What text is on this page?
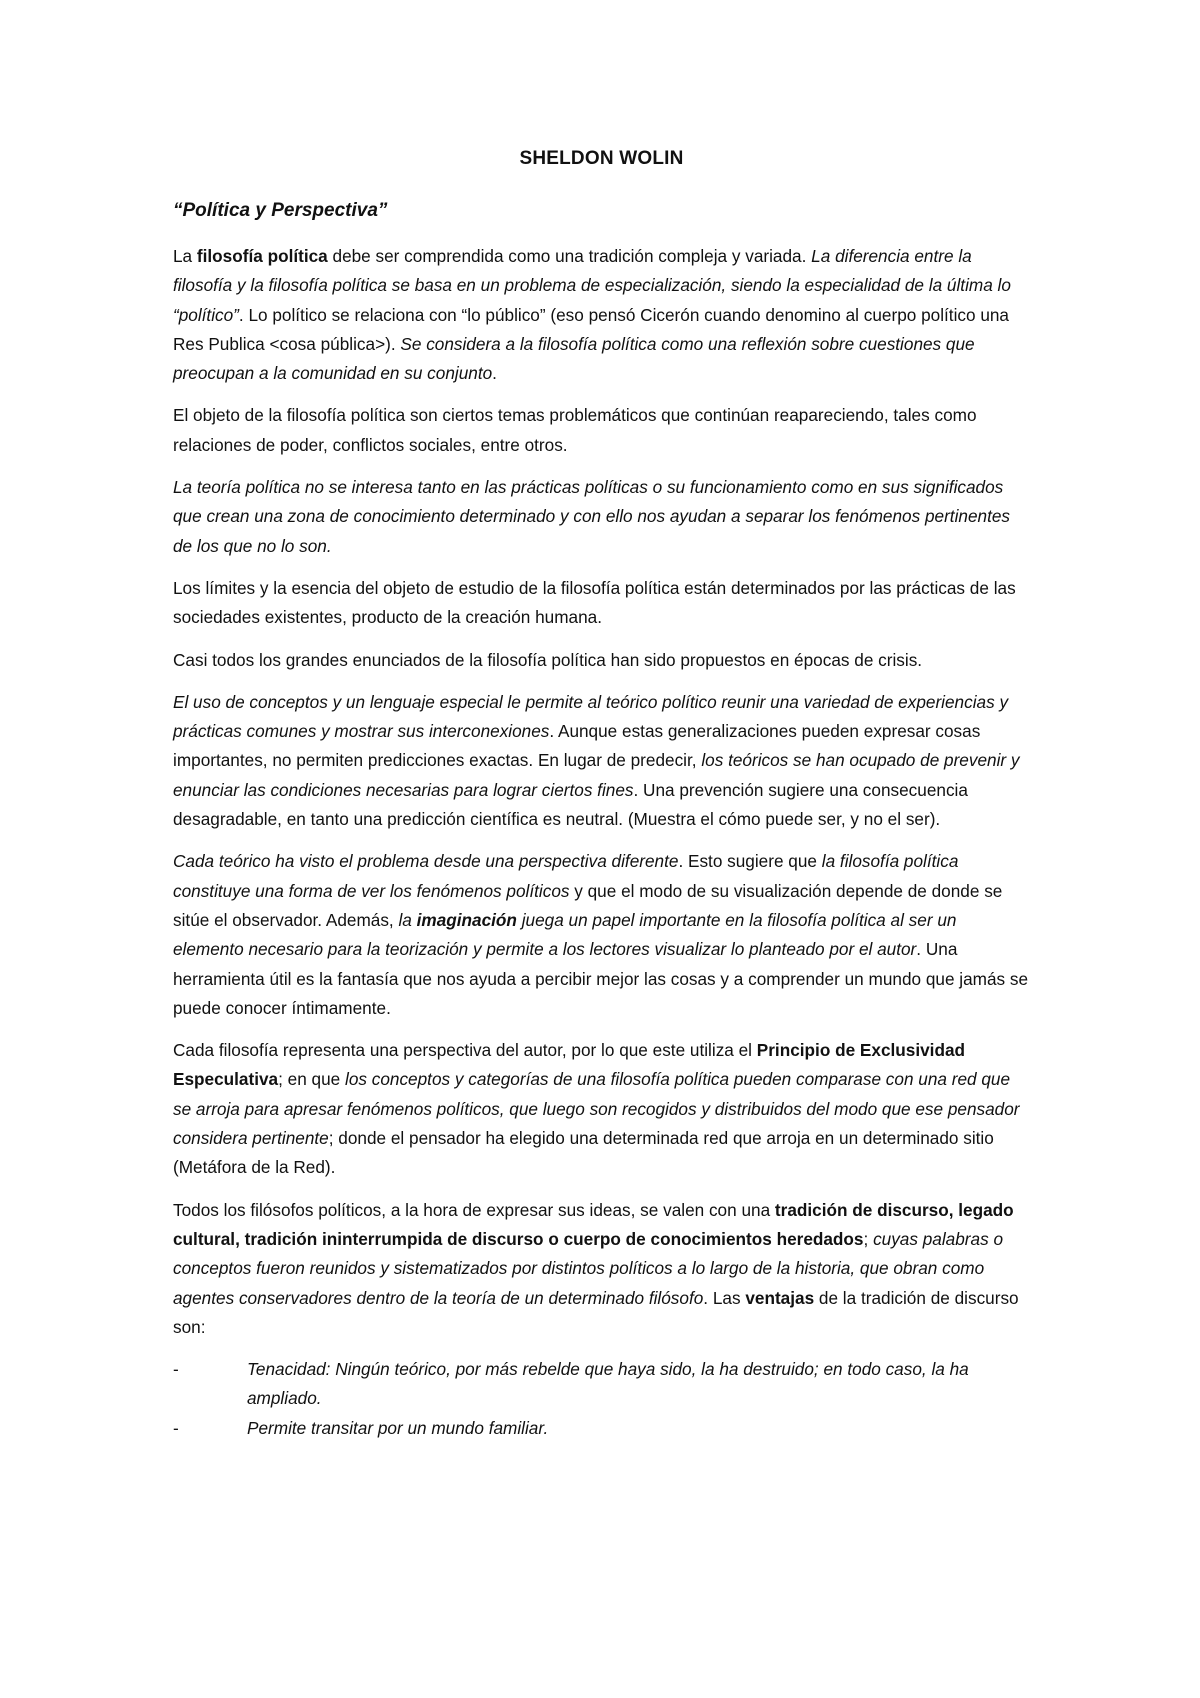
SHELDON WOLIN
“Política y Perspectiva”

La filosofía política debe ser comprendida como una tradición compleja y variada. La diferencia entre la filosofía y la filosofía política se basa en un problema de especialización, siendo la especialidad de la última lo “político”. Lo político se relaciona con “lo público” (eso pensó Cicerón cuando denomino al cuerpo político una Res Publica <cosa pública>). Se considera a la filosofía política como una reflexión sobre cuestiones que preocupan a la comunidad en su conjunto.

El objeto de la filosofía política son ciertos temas problemáticos que continúan reapareciendo, tales como relaciones de poder, conflictos sociales, entre otros.

La teoría política no se interesa tanto en las prácticas políticas o su funcionamiento como en sus significados que crean una zona de conocimiento determinado y con ello nos ayudan a separar los fenómenos pertinentes de los que no lo son.

Los límites y la esencia del objeto de estudio de la filosofía política están determinados por las prácticas de las sociedades existentes, producto de la creación humana.

Casi todos los grandes enunciados de la filosofía política han sido propuestos en épocas de crisis.

El uso de conceptos y un lenguaje especial le permite al teórico político reunir una variedad de experiencias y prácticas comunes y mostrar sus interconexiones. Aunque estas generalizaciones pueden expresar cosas importantes, no permiten predicciones exactas. En lugar de predecir, los teóricos se han ocupado de prevenir y enunciar las condiciones necesarias para lograr ciertos fines. Una prevención sugiere una consecuencia desagradable, en tanto una predicción científica es neutral. (Muestra el cómo puede ser, y no el ser).

Cada teórico ha visto el problema desde una perspectiva diferente. Esto sugiere que la filosofía política constituye una forma de ver los fenómenos políticos y que el modo de su visualización depende de donde se sitúe el observador. Además, la imaginación juega un papel importante en la filosofía política al ser un elemento necesario para la teorización y permite a los lectores visualizar lo planteado por el autor. Una herramienta útil es la fantasía que nos ayuda a percibir mejor las cosas y a comprender un mundo que jamás se puede conocer íntimamente.

Cada filosofía representa una perspectiva del autor, por lo que este utiliza el Principio de Exclusividad Especulativa; en que los conceptos y categorías de una filosofía política pueden comparase con una red que se arroja para apresar fenómenos políticos, que luego son recogidos y distribuidos del modo que ese pensador considera pertinente; donde el pensador ha elegido una determinada red que arroja en un determinado sitio (Metáfora de la Red).

Todos los filósofos políticos, a la hora de expresar sus ideas, se valen con una tradición de discurso, legado cultural, tradición ininterrumpida de discurso o cuerpo de conocimientos heredados; cuyas palabras o conceptos fueron reunidos y sistematizados por distintos políticos a lo largo de la historia, que obran como agentes conservadores dentro de la teoría de un determinado filósofo. Las ventajas de la tradición de discurso son:

-	Tenacidad: Ningún teórico, por más rebelde que haya sido, la ha destruido; en todo caso, la ha ampliado.
-	Permite transitar por un mundo familiar.
